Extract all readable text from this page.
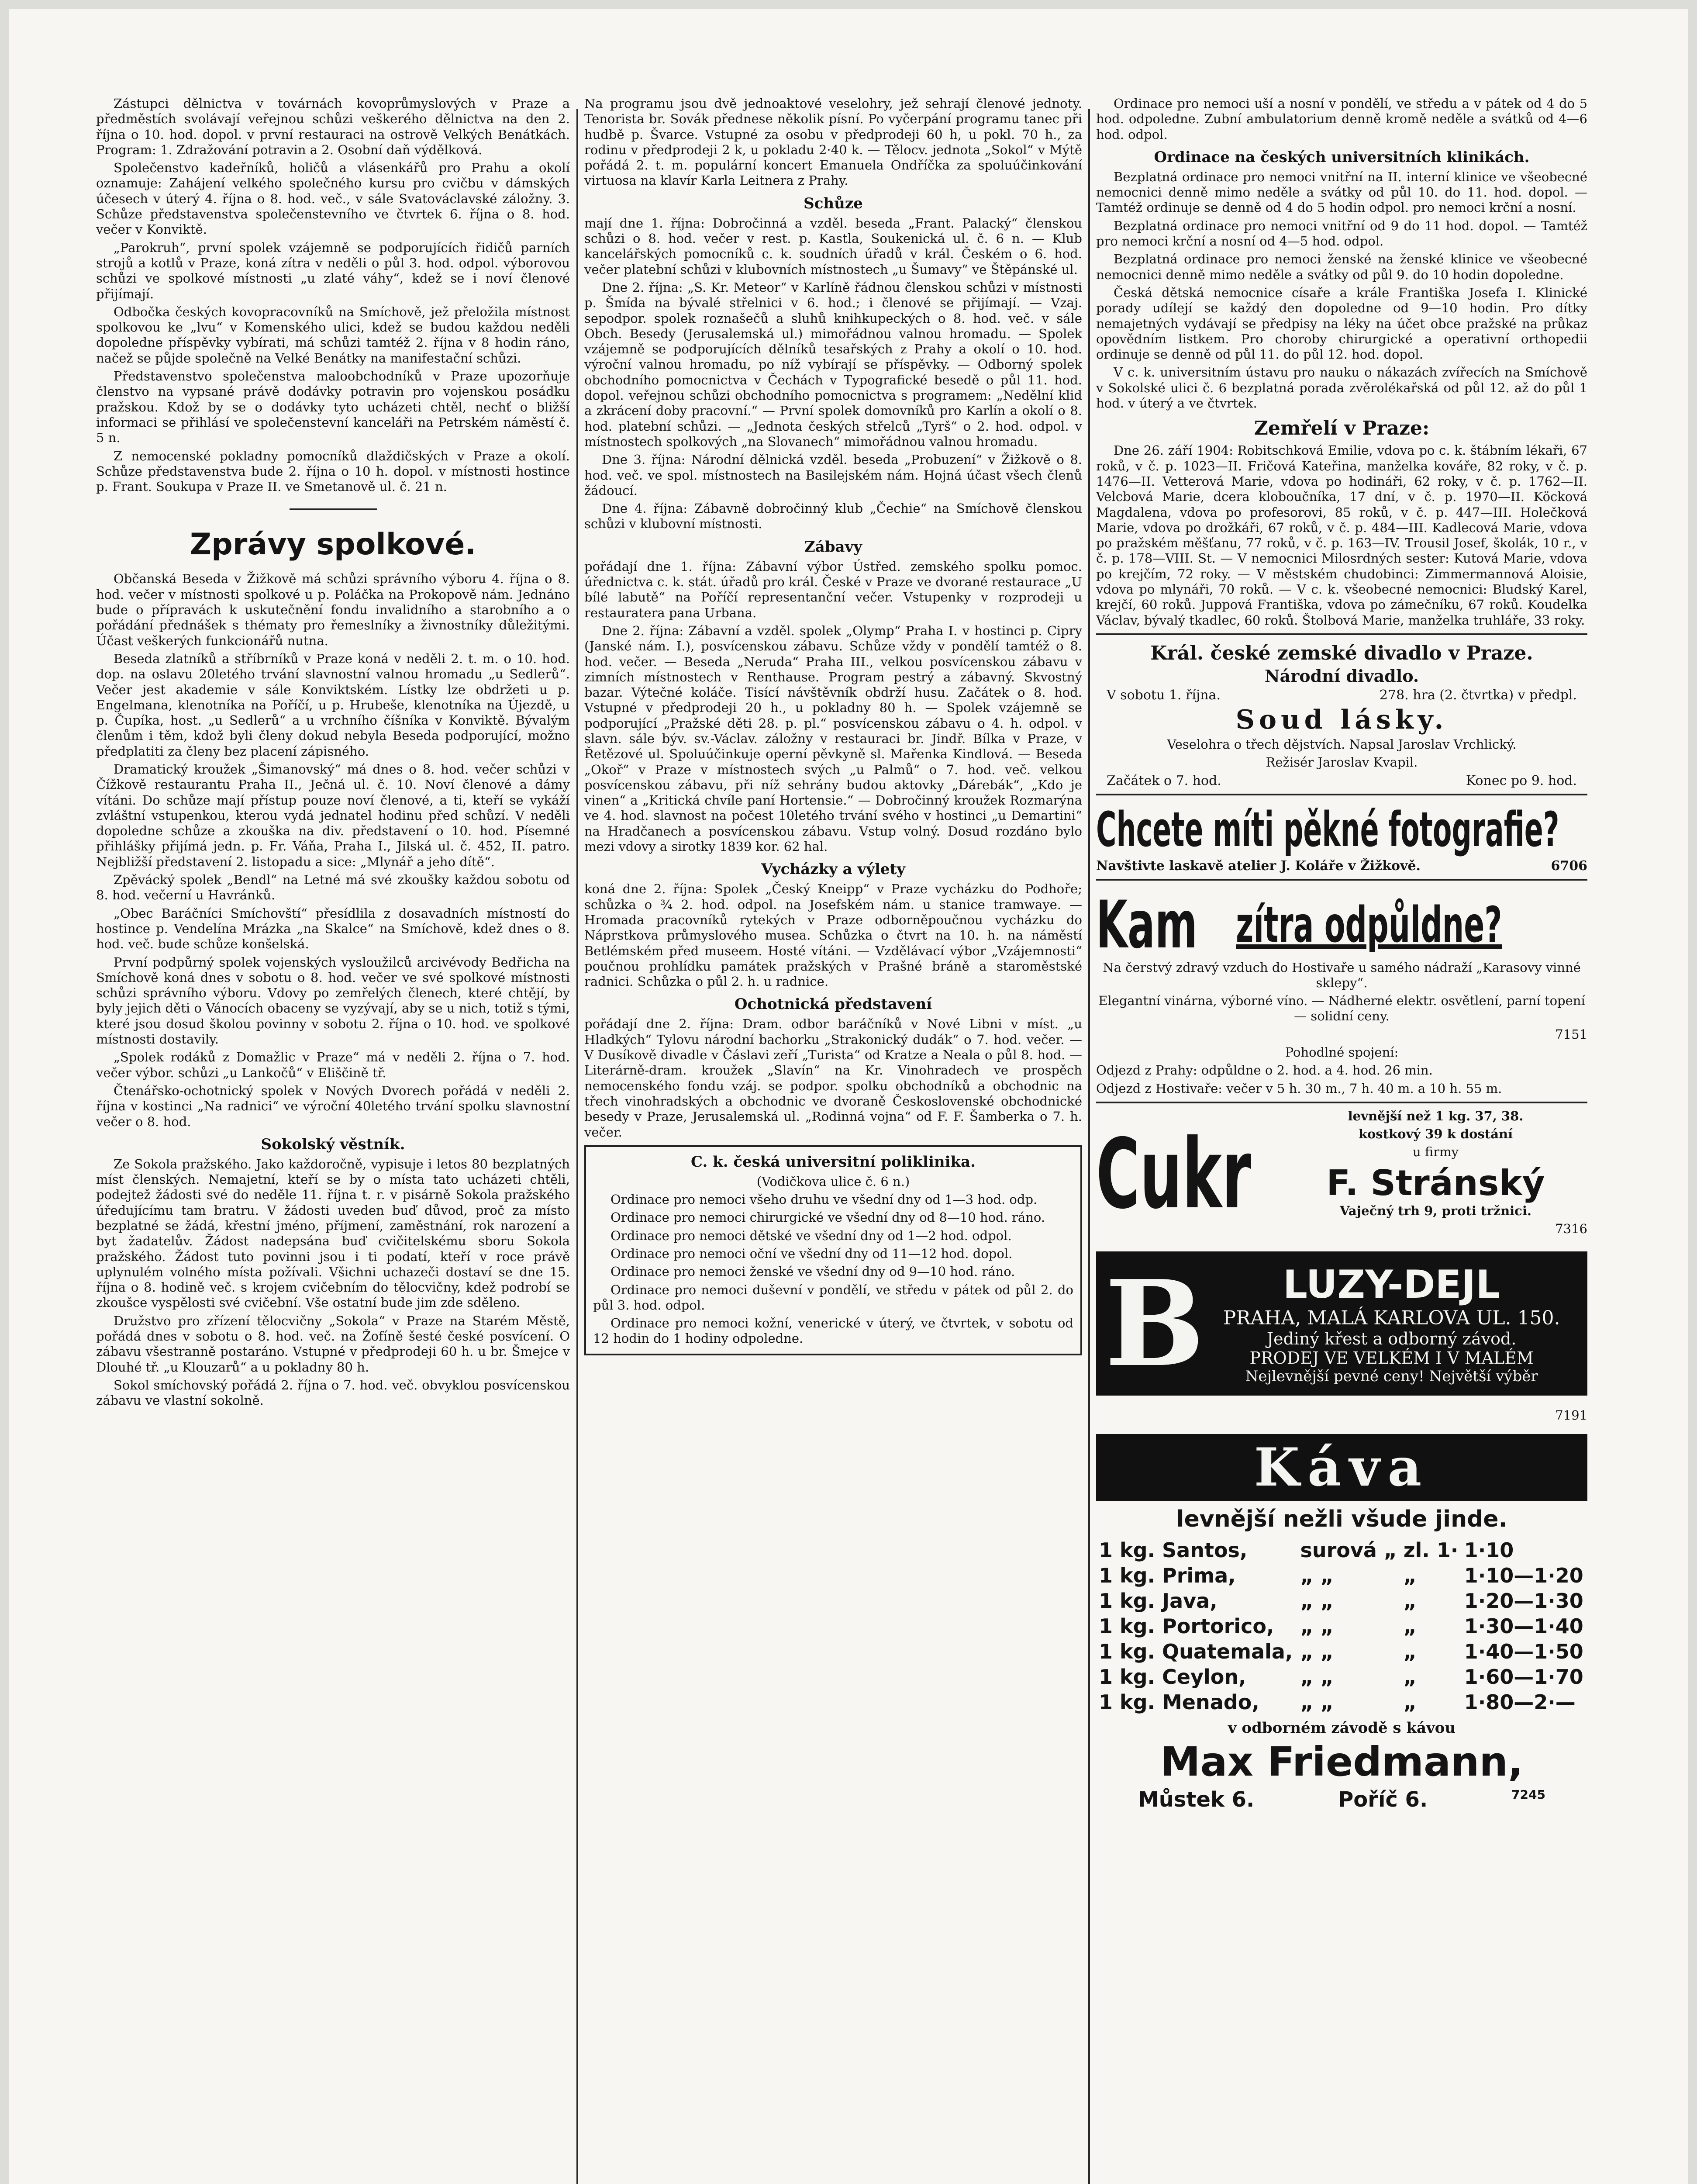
Zástupci dělnictva v továrnách kovoprůmyslových v Praze a předměstích svolávají veřejnou schůzi veškerého dělnictva na den 2. října o 10. hod. dopol. v první restauraci na ostrově Velkých Benátkách. Program: 1. Zdražování potravin a 2. Osobní daň výdělková.

Společenstvo kadeřníků, holičů a vlásenkářů pro Prahu a okolí oznamuje: Zahájení velkého společného kursu pro cvičbu v dámských účesech v úterý 4. října o 8. hod. več., v sále Svatováclavské záložny. 3. Schůze představenstva společenstevního ve čtvrtek 6. října o 8. hod. večer v Konviktě.

„Parokruh“, první spolek vzájemně se podporujících řidičů parních strojů a kotlů v Praze, koná zítra v neděli o půl 3. hod. odpol. výborovou schůzi ve spolkové místnosti „u zlaté váhy“, kdež se i noví členové přijímají.

Odbočka českých kovopracovníků na Smíchově, jež přeložila místnost spolkovou ke „lvu“ v Komenského ulici, kdež se budou každou neděli dopoledne příspěvky vybírati, má schůzi tamtéž 2. října v 8 hodin ráno, načež se půjde společně na Velké Benátky na manifestační schůzi.

Představenstvo společenstva maloobchodníků v Praze upozorňuje členstvo na vypsané právě dodávky potravin pro vojenskou posádku pražskou. Kdož by se o dodávky tyto ucházeti chtěl, nechť o bližší informaci se přihlásí ve společenstevní kanceláři na Petrském náměstí č. 5 n.

Z nemocenské pokladny pomocníků dlaždičských v Praze a okolí. Schůze představenstva bude 2. října o 10 h. dopol. v místnosti hostince p. Frant. Soukupa v Praze II. ve Smetanově ul. č. 21 n.

Zprávy spolkové.

Občanská Beseda v Žižkově má schůzi správního výboru 4. října o 8. hod. večer v místnosti spolkové u p. Poláčka na Prokopově nám. Jednáno bude o přípravách k uskutečnění fondu invalidního a starobního a o pořádání přednášek s thématy pro řemeslníky a živnostníky důležitými. Účast veškerých funkcionářů nutna.

Beseda zlatníků a stříbrníků v Praze koná v neděli 2. t. m. o 10. hod. dop. na oslavu 20letého trvání slavnostní valnou hromadu „u Sedlerů“. Večer jest akademie v sále Konviktském. Lístky lze obdržeti u p. Engelmana, klenotníka na Poříčí, u p. Hrubeše, klenotníka na Újezdě, u p. Čupíka, host. „u Sedlerů“ a u vrchního číšníka v Konviktě. Bývalým členům i těm, kdož byli členy dokud nebyla Beseda podporující, možno předplatiti za členy bez placení zápisného.

Dramatický kroužek „Šimanovský“ má dnes o 8. hod. večer schůzi v Čížkově restaurantu Praha II., Ječná ul. č. 10. Noví členové a dámy vítáni. Do schůze mají přístup pouze noví členové, a ti, kteří se vykáží zvláštní vstupenkou, kterou vydá jednatel hodinu před schůzí. V neděli dopoledne schůze a zkouška na div. představení o 10. hod. Písemné přihlášky přijímá jedn. p. Fr. Váňa, Praha I., Jilská ul. č. 452, II. patro. Nejbližší představení 2. listopadu a sice: „Mlynář a jeho dítě“.

Zpěvácký spolek „Bendl“ na Letné má své zkoušky každou sobotu od 8. hod. večerní u Havránků.

„Obec Baráčníci Smíchovští“ přesídlila z dosavadních místností do hostince p. Vendelína Mrázka „na Skalce“ na Smíchově, kdež dnes o 8. hod. več. bude schůze konšelská.

První podpůrný spolek vojenských vysloužilců arcivévody Bedřicha na Smíchově koná dnes v sobotu o 8. hod. večer ve své spolkové místnosti schůzi správního výboru. Vdovy po zemřelých členech, které chtějí, by byly jejich děti o Vánocích obaceny se vyzývají, aby se u nich, totiž s tými, které jsou dosud školou povinny v sobotu 2. října o 10. hod. ve spolkové místnosti dostavily.

„Spolek rodáků z Domažlic v Praze“ má v neděli 2. října o 7. hod. večer výbor. schůzi „u Lankočů“ v Eliščině tř.

Čtenářsko-ochotnický spolek v Nových Dvorech pořádá v neděli 2. října v kostinci „Na radnici“ ve výroční 40letého trvání spolku slavnostní večer o 8. hod.

Sokolský věstník.

Ze Sokola pražského. Jako každoročně, vypisuje i letos 80 bezplatných míst členských. Nemajetní, kteří se by o místa tato ucházeti chtěli, podejtež žádosti své do neděle 11. října t. r. v pisárně Sokola pražského úředujícímu tam bratru. V žádosti uveden buď důvod, proč za místo bezplatné se žádá, křestní jméno, příjmení, zaměstnání, rok narození a byt žadatelův. Žádost nadepsána buď cvičitelskému sboru Sokola pražského. Žádost tuto povinni jsou i ti podatí, kteří v roce právě uplynulém volného místa požívali. Všichni uchazeči dostaví se dne 15. října o 8. hodině več. s krojem cvičebním do tělocvičny, kdež podrobí se zkoušce vyspělosti své cvičební. Vše ostatní bude jim zde sděleno.

Družstvo pro zřízení tělocvičny „Sokola“ v Praze na Starém Městě, pořádá dnes v sobotu o 8. hod. več. na Žofíně šesté české posvícení. O zábavu všestranně postaráno. Vstupné v předprodeji 60 h. u br. Šmejce v Dlouhé tř. „u Klouzarů“ a u pokladny 80 h.

Sokol smíchovský pořádá 2. října o 7. hod. več. obvyklou posvícenskou zábavu ve vlastní sokolně.

Na programu jsou dvě jednoaktové veselohry, jež sehrají členové jednoty. Tenorista br. Sovák přednese několik písní. Po vyčerpání programu tanec při hudbě p. Švarce. Vstupné za osobu v předprodeji 60 h, u pokl. 70 h., za rodinu v předprodeji 2 k, u pokladu 2·40 k. — Tělocv. jednota „Sokol“ v Mýtě pořádá 2. t. m. populární koncert Emanuela Ondříčka za spoluúčinkování virtuosa na klavír Karla Leitnera z Prahy.

Schůze

mají dne 1. října: Dobročinná a vzděl. beseda „Frant. Palacký“ členskou schůzi o 8. hod. večer v rest. p. Kastla, Soukenická ul. č. 6 n. — Klub kancelářských pomocníků c. k. soudních úřadů v král. Českém o 6. hod. večer platební schůzi v klubovních místnostech „u Šumavy“ ve Štěpánské ul.

Dne 2. října: „S. Kr. Meteor“ v Karlíně řádnou členskou schůzi v místnosti p. Šmída na bývalé střelnici v 6. hod.; i členové se přijímají. — Vzaj. sepodpor. spolek roznašečů a sluhů knihkupeckých o 8. hod. več. v sále Obch. Besedy (Jerusalemská ul.) mimořádnou valnou hromadu. — Spolek vzájemně se podporujících dělníků tesařských z Prahy a okolí o 10. hod. výroční valnou hromadu, po níž vybírají se příspěvky. — Odborný spolek obchodního pomocnictva v Čechách v Typografické besedě o půl 11. hod. dopol. veřejnou schůzi obchodního pomocnictva s programem: „Nedělní klid a zkrácení doby pracovní.“ — První spolek domovníků pro Karlín a okolí o 8. hod. platební schůzi. — „Jednota českých střelců „Tyrš“ o 2. hod. odpol. v místnostech spolkových „na Slovanech“ mimořádnou valnou hromadu.

Dne 3. října: Národní dělnická vzděl. beseda „Probuzení“ v Žižkově o 8. hod. več. ve spol. místnostech na Basilejském nám. Hojná účast všech členů žádoucí.

Dne 4. října: Zábavně dobročinný klub „Čechie“ na Smíchově členskou schůzi v klubovní místnosti.

Zábavy

pořádají dne 1. října: Zábavní výbor Ústřed. zemského spolku pomoc. úřednictva c. k. stát. úřadů pro král. České v Praze ve dvorané restaurace „U bílé labutě“ na Poříčí representanční večer. Vstupenky v rozprodeji u restauratera pana Urbana.

Dne 2. října: Zábavní a vzděl. spolek „Olymp“ Praha I. v hostinci p. Cipry (Janské nám. I.), posvícenskou zábavu. Schůze vždy v pondělí tamtéž o 8. hod. večer. — Beseda „Neruda“ Praha III., velkou posvícenskou zábavu v zimních místnostech v Renthause. Program pestrý a zábavný. Skvostný bazar. Výtečné koláče. Tisící návštěvník obdrží husu. Začátek o 8. hod. Vstupné v předprodeji 20 h., u pokladny 80 h. — Spolek vzájemně se podporující „Pražské děti 28. p. pl.“ posvícenskou zábavu o 4. h. odpol. v slavn. sále býv. sv.-Václav. záložny v restauraci br. Jindř. Bílka v Praze, v Řetězové ul. Spoluúčinkuje operní pěvkyně sl. Mařenka Kindlová. — Beseda „Okoř“ v Praze v místnostech svých „u Palmů“ o 7. hod. več. velkou posvícenskou zábavu, při níž sehrány budou aktovky „Dárebák“, „Kdo je vinen“ a „Kritická chvíle paní Hortensie.“ — Dobročinný kroužek Rozmarýna ve 4. hod. slavnost na počest 10letého trvání svého v hostinci „u Demartini“ na Hradčanech a posvícenskou zábavu. Vstup volný. Dosud rozdáno bylo mezi vdovy a sirotky 1839 kor. 62 hal.

Vycházky a výlety

koná dne 2. října: Spolek „Český Kneipp“ v Praze vycházku do Podhoře; schůzka o ¾ 2. hod. odpol. na Josefském nám. u stanice tramwaye. — Hromada pracovníků rytekých v Praze odborněpoučnou vycházku do Náprstkova průmyslového musea. Schůzka o čtvrt na 10. h. na náměstí Betlémském před museem. Hosté vítáni. — Vzdělávací výbor „Vzájemnosti“ poučnou prohlídku památek pražských v Prašné bráně a staroměstské radnici. Schůzka o půl 2. h. u radnice.

Ochotnická představení

pořádají dne 2. října: Dram. odbor baráčníků v Nové Libni v míst. „u Hladkých“ Tylovu národní bachorku „Strakonický dudák“ o 7. hod. večer. — V Dusíkově divadle v Čáslavi zeří „Turista“ od Kratze a Neala o půl 8. hod. — Literárně-dram. kroužek „Slavín“ na Kr. Vinohradech ve prospěch nemocenského fondu vzáj. se podpor. spolku obchodníků a obchodnic na třech vinohradských a obchodnic ve dvoraně Československé obchodnické besedy v Praze, Jerusalemská ul. „Rodinná vojna“ od F. F. Šamberka o 7. h. večer.

C. k. česká universitní poliklinika.

(Vodičkova ulice č. 6 n.)

Ordinace pro nemoci všeho druhu ve všední dny od 1—3 hod. odp.

Ordinace pro nemoci chirurgické ve všední dny od 8—10 hod. ráno.

Ordinace pro nemoci dětské ve všední dny od 1—2 hod. odpol.

Ordinace pro nemoci oční ve všední dny od 11—12 hod. dopol.

Ordinace pro nemoci ženské ve všední dny od 9—10 hod. ráno.

Ordinace pro nemoci duševní v pondělí, ve středu v pátek od půl 2. do půl 3. hod. odpol.

Ordinace pro nemoci kožní, venerické v úterý, ve čtvrtek, v sobotu od 12 hodin do 1 hodiny odpoledne.

Ordinace pro nemoci uší a nosní v pondělí, ve středu a v pátek od 4 do 5 hod. odpoledne. Zubní ambulatorium denně kromě neděle a svátků od 4—6 hod. odpol.

Ordinace na českých universitních klinikách.

Bezplatná ordinace pro nemoci vnitřní na II. interní klinice ve všeobecné nemocnici denně mimo neděle a svátky od půl 10. do 11. hod. dopol. — Tamtéž ordinuje se denně od 4 do 5 hodin odpol. pro nemoci krční a nosní.

Bezplatná ordinace pro nemoci vnitřní od 9 do 11 hod. dopol. — Tamtéž pro nemoci krční a nosní od 4—5 hod. odpol.

Bezplatná ordinace pro nemoci ženské na ženské klinice ve všeobecné nemocnici denně mimo neděle a svátky od půl 9. do 10 hodin dopoledne.

Česká dětská nemocnice císaře a krále Františka Josefa I. Klinické porady udílejí se každý den dopoledne od 9—10 hodin. Pro dítky nemajetných vydávají se předpisy na léky na účet obce pražské na průkaz opovědním listkem. Pro choroby chirurgické a operativní orthopedii ordinuje se denně od půl 11. do půl 12. hod. dopol.

V c. k. universitním ústavu pro nauku o nákazách zvířecích na Smíchově v Sokolské ulici č. 6 bezplatná porada zvěrolékařská od půl 12. až do půl 1 hod. v úterý a ve čtvrtek.

Zemřelí v Praze:

Dne 26. září 1904: Robitschková Emilie, vdova po c. k. štábním lékaři, 67 roků, v č. p. 1023—II. Fričová Kateřina, manželka kováře, 82 roky, v č. p. 1476—II. Vetterová Marie, vdova po hodináři, 62 roky, v č. p. 1762—II. Velcbová Marie, dcera kloboučníka, 17 dní, v č. p. 1970—II. Köcková Magdalena, vdova po profesorovi, 85 roků, v č. p. 447—III. Holečková Marie, vdova po drožkáři, 67 roků, v č. p. 484—III. Kadlecová Marie, vdova po pražském měšťanu, 77 roků, v č. p. 163—IV. Trousil Josef, školák, 10 r., v č. p. 178—VIII. St. — V nemocnici Milosrdných sester: Kutová Marie, vdova po krejčím, 72 roky. — V městském chudobinci: Zimmermannová Aloisie, vdova po mlynáři, 70 roků. — V c. k. všeobecné nemocnici: Bludský Karel, krejčí, 60 roků. Juppová Františka, vdova po zámečníku, 67 roků. Koudelka Václav, bývalý tkadlec, 60 roků. Štolbová Marie, manželka truhláře, 33 roky.

Král. české zemské divadlo v Praze.
Národní divadlo.
V sobotu 1. října.	278. hra (2. čtvrtka) v předpl.
Soud lásky.

Veselohra o třech dějstvích. Napsal Jaroslav Vrchlický.

Režisér Jaroslav Kvapil.

Začátek o 7. hod.	Konec po 9. hod.
Chcete míti pěkné fotografie?
Navštivte laskavě atelier J. Koláře v Žižkově.	6706
Kam zítra odpůldne?

Na čerstvý zdravý vzduch do Hostivaře u samého nádraží „Karasovy vinné sklepy“.

Elegantní vinárna, výborné víno. — Nádherné elektr. osvětlení, parní topení — solidní ceny.

7151

Pohodlné spojení:

Odjezd z Prahy: odpůldne o 2. hod. a 4. hod. 26 min.

Odjezd z Hostivaře: večer v 5 h. 30 m., 7 h. 40 m. a 10 h. 55 m.

Cukr

levnější než 1 kg. 37, 38.

kostkový 39 k dostání

u firmy

F. Stránský

Vaječný trh 9, proti tržnici.

7316

B	LUZY-DEJL
PRAHA, MALÁ KARLOVA UL. 150.
Jediný křest a odborný závod.
PRODEJ VE VELKÉM I V MALÉM
Nejlevnější pevné ceny! Největší výběr

7191

Káva
levnější nežli všude jinde.
1 kg. Santos,	surová „	zl. 1·	1·10
1 kg. Prima,	„ „	„	1·10—1·20
1 kg. Java,	„ „	„	1·20—1·30
1 kg. Portorico,	„ „	„	1·30—1·40
1 kg. Quatemala,	„ „	„	1·40—1·50
1 kg. Ceylon,	„ „	„	1·60—1·70
1 kg. Menado,	„ „	„	1·80—2·—
v odborném závodě s kávou
Max Friedmann,
Můstek 6.	Poříč 6.	7245
